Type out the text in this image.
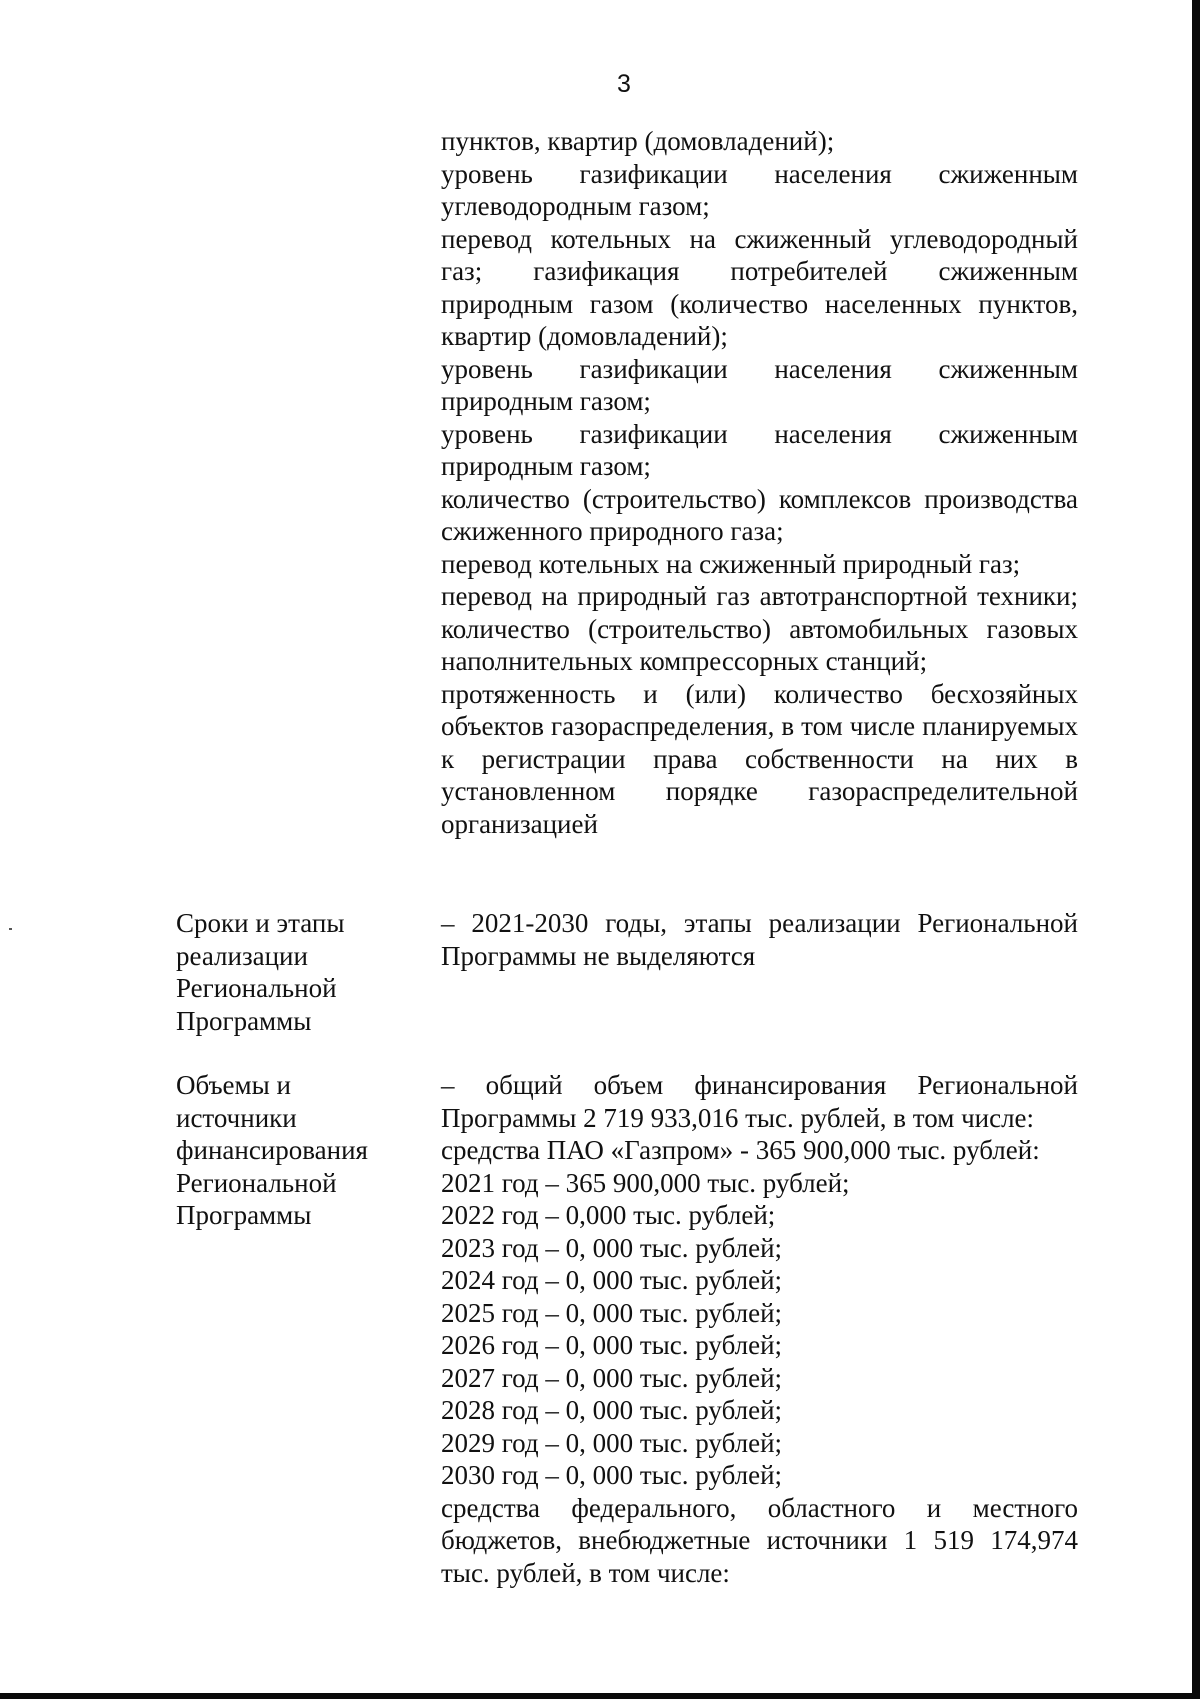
3

пунктов, квартир (домовладений);

уровень газификации населения сжиженным углеводородным газом;

перевод котельных на сжиженный углеводородный газ; газификация потребителей сжиженным природным газом (количество населенных пунктов, квартир (домовладений);

уровень газификации населения сжиженным природным газом;

уровень газификации населения сжиженным природным газом;

количество (строительство) комплексов производства сжиженного природного газа;

перевод котельных на сжиженный природный газ;

перевод на природный газ автотранспортной техники; количество (строительство) автомобильных газовых наполнительных компрессорных станций;

протяженность и (или) количество бесхозяйных объектов газораспределения, в том числе планируемых к регистрации права собственности на них в установленном порядке газораспределительной организацией

Сроки и этапы реализации Региональной Программы
– 2021-2030 годы, этапы реализации Региональной Программы не выделяются
Объемы и источники финансирования Региональной Программы

– общий объем финансирования Региональной Программы 2 719 933,016 тыс. рублей, в том числе:

средства ПАО «Газпром» - 365 900,000 тыс. рублей:

2021 год – 365 900,000 тыс. рублей;

2022 год – 0,000 тыс. рублей;

2023 год – 0, 000 тыс. рублей;

2024 год – 0, 000 тыс. рублей;

2025 год – 0, 000 тыс. рублей;

2026 год – 0, 000 тыс. рублей;

2027 год – 0, 000 тыс. рублей;

2028 год – 0, 000 тыс. рублей;

2029 год – 0, 000 тыс. рублей;

2030 год – 0, 000 тыс. рублей;

средства федерального, областного и местного бюджетов, внебюджетные источники 1 519 174,974 тыс. рублей, в том числе:
